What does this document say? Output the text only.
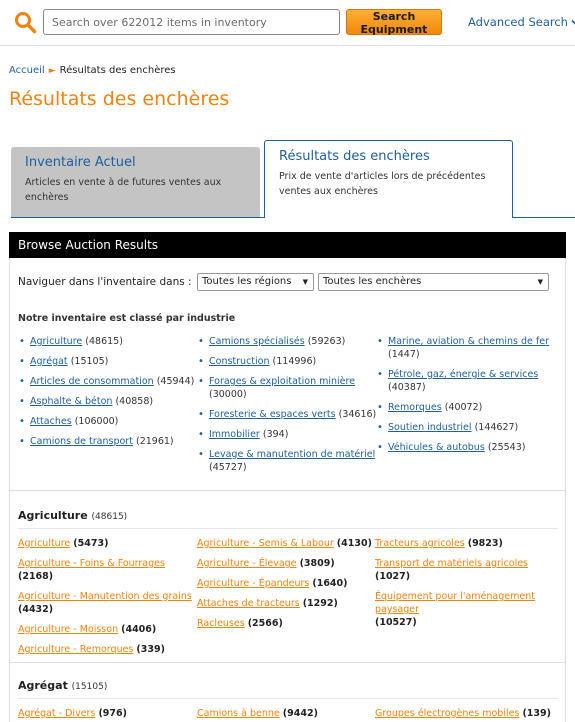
Search over 622012 items in inventory
Search Equipment
Advanced Search
Accueil ► Résultats des enchères
Résultats des enchères
Inventaire Actuel
Articles en vente à de futures ventes aux
enchères
Résultats des enchères
Prix de vente d'articles lors de précédentes
ventes aux enchères
Browse Auction Results
Naviguer dans l'inventaire dans :	Toutes les régions ▼	Toutes les enchères	▼
Notre inventaire est classé par industrie
• Agriculture (48615)
• Agrégat (15105)
• Articles de consommation (45944)
• Asphalte & béton (40858)
• Attaches (106000)
• Camions de transport (21961)
• Camions spécialisés (59263)
• Construction (114996)
• Forages & exploitation minière
(30000)
• Foresterie & espaces verts (34616)
• Immobilier (394)
• Levage & manutention de matériel
(45727)
• Marine, aviation & chemins de fer
(1447)
• Pétrole, gaz, énergie & services
(40387)
• Remorques (40072)
• Soutien industriel (144627)
• Véhicules & autobus (25543)
Agriculture (48615)
Agriculture (5473)
Agriculture - Foins & Fourrages
(2168)
Agriculture - Manutention des grains
(4432)
Agriculture - Moisson (4406)
Agriculture - Remorques (339)
Agriculture - Semis & Labour (4130)
Agriculture - Élevage (3809)
Agriculture - Épandeurs (1640)
Attaches de tracteurs (1292)
Racleuses (2566)
Tracteurs agricoles (9823)
Transport de matériels agricoles
(1027)
Équipement pour l'aménagement paysager
(10527)
Agrégat (15105)
Agrégat - Divers (976)	Camions à benne (9442)	Groupes électrogènes mobiles (139)
